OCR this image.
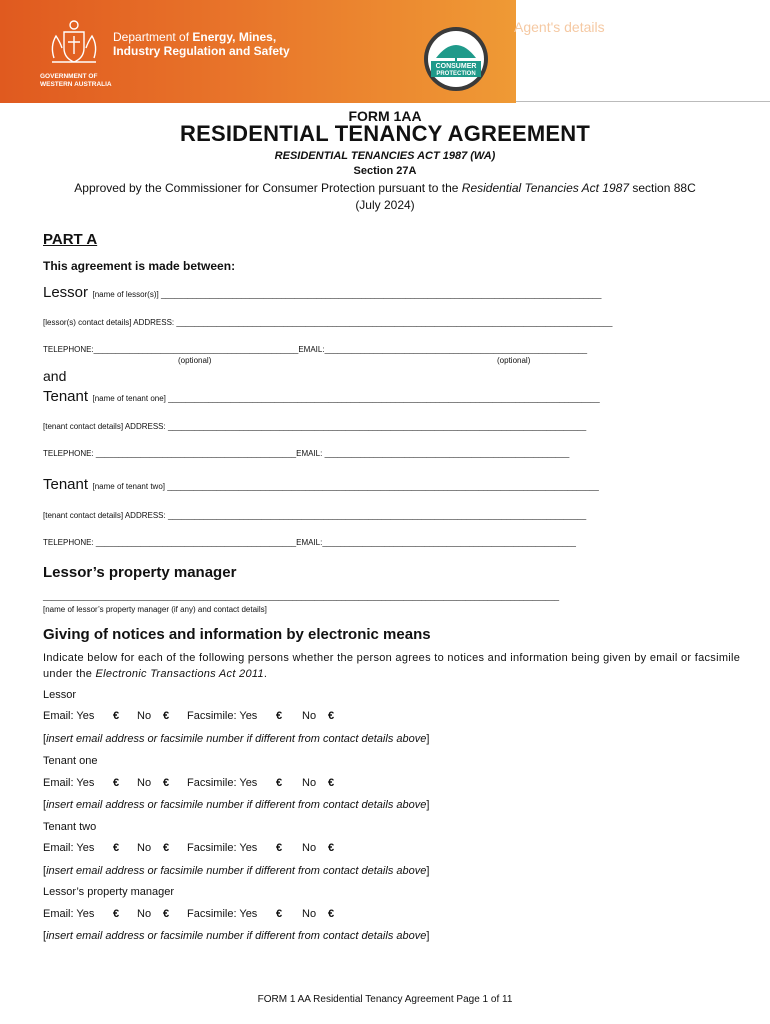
GOVERNMENT OF
WESTERN AUSTRALIA
Department of Energy, Mines,
Industry Regulation and Safety
CONSUMER
PROTECTION
Agent's details
FORM 1AA
RESIDENTIAL TENANCY AGREEMENT
RESIDENTIAL TENANCIES ACT 1987 (WA)
Section 27A
Approved by the Commissioner for Consumer Protection pursuant to the Residential Tenancies Act 1987 section 88C
(July 2024)
PART A
This agreement is made between:
Lessor [name of lessor(s)] ___________________________________________________________________________________________________
[lessor(s) contact details] ADDRESS: __________________________________________________________________________________________________
TELEPHONE:______________________________________________EMAIL:___________________________________________________________
(optional)	(optional)
and
Tenant [name of tenant one] _________________________________________________________________________________________________
[tenant contact details] ADDRESS: ______________________________________________________________________________________________
TELEPHONE: _____________________________________________EMAIL: _______________________________________________________
Tenant [name of tenant two] _________________________________________________________________________________________________
[tenant contact details] ADDRESS: ______________________________________________________________________________________________
TELEPHONE: _____________________________________________EMAIL:_________________________________________________________
Lessor’s property manager
____________________________________________________________________________________________________________________
[name of lessor’s property manager (if any) and contact details]
Giving of notices and information by electronic means
Indicate below for each of the following persons whether the person agrees to notices and information being given by email or facsimile under the Electronic Transactions Act 2011.
Lessor
Email: Yes € No € Facsimile: Yes € No €
[insert email address or facsimile number if different from contact details above]
Tenant one
Email: Yes € No € Facsimile: Yes € No €
[insert email address or facsimile number if different from contact details above]
Tenant two
Email: Yes € No € Facsimile: Yes € No €
[insert email address or facsimile number if different from contact details above]
Lessor’s property manager
Email: Yes € No € Facsimile: Yes € No €
[insert email address or facsimile number if different from contact details above]
FORM 1 AA Residential Tenancy Agreement Page 1 of 11
